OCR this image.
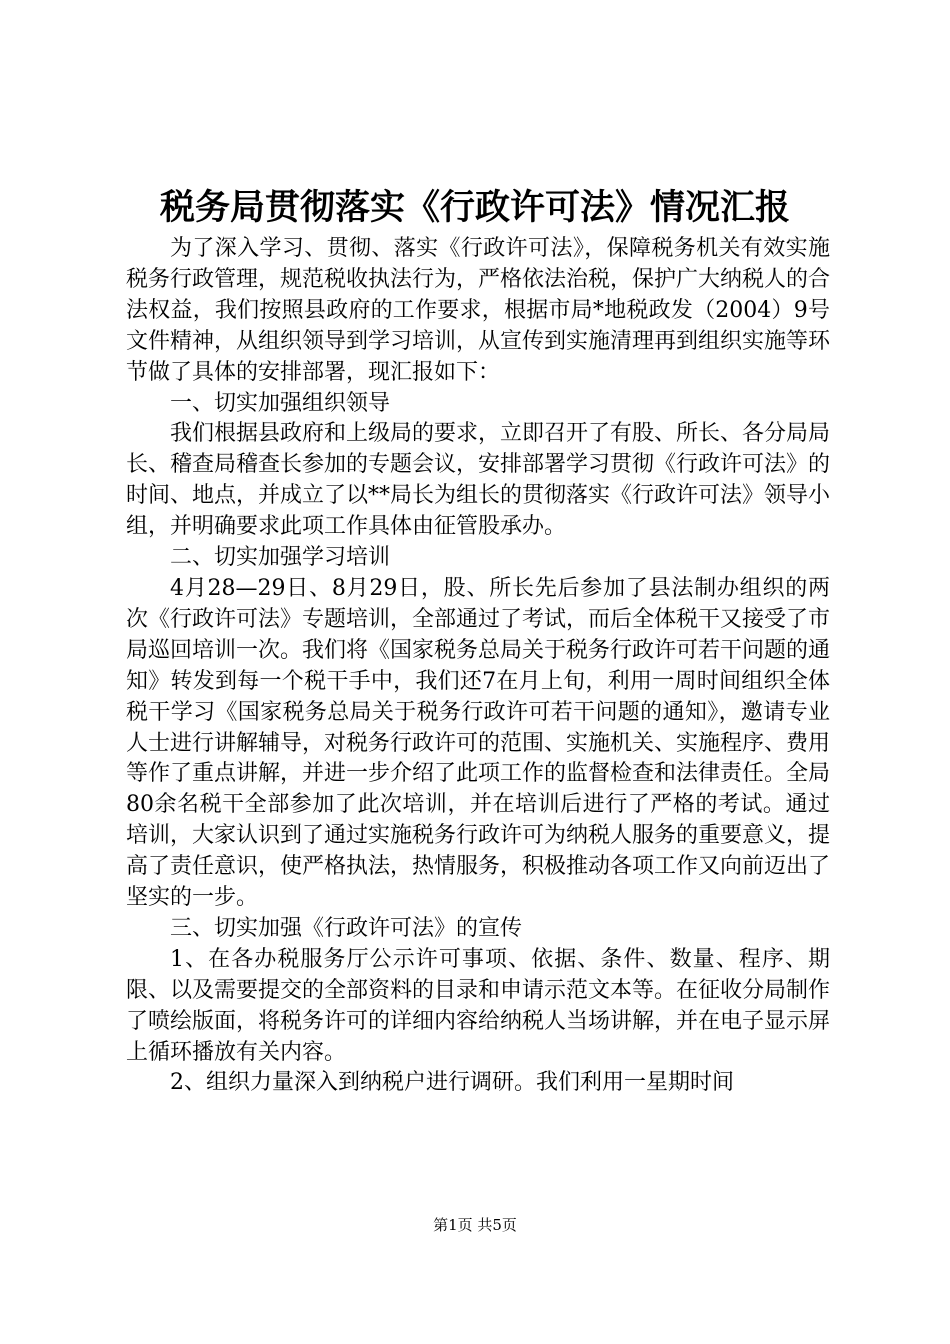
税务局贯彻落实《行政许可法》情况汇报

为了深入学习、贯彻、落实《行政许可法》，保障税务机关有效实施税务行政管理，规范税收执法行为，严格依法治税，保护广大纳税人的合法权益，我们按照县政府的工作要求，根据市局*地税政发（2004）9号文件精神，从组织领导到学习培训，从宣传到实施清理再到组织实施等环节做了具体的安排部署，现汇报如下：

一、切实加强组织领导

我们根据县政府和上级局的要求，立即召开了有股、所长、各分局局长、稽查局稽查长参加的专题会议，安排部署学习贯彻《行政许可法》的时间、地点，并成立了以**局长为组长的贯彻落实《行政许可法》领导小组，并明确要求此项工作具体由征管股承办。

二、切实加强学习培训

4月28—29日、8月29日，股、所长先后参加了县法制办组织的两次《行政许可法》专题培训，全部通过了考试，而后全体税干又接受了市局巡回培训一次。我们将《国家税务总局关于税务行政许可若干问题的通知》转发到每一个税干手中，我们还7在月上旬，利用一周时间组织全体税干学习《国家税务总局关于税务行政许可若干问题的通知》，邀请专业人士进行讲解辅导，对税务行政许可的范围、实施机关、实施程序、费用等作了重点讲解，并进一步介绍了此项工作的监督检查和法律责任。全局80余名税干全部参加了此次培训，并在培训后进行了严格的考试。通过培训，大家认识到了通过实施税务行政许可为纳税人服务的重要意义，提高了责任意识，使严格执法，热情服务，积极推动各项工作又向前迈出了坚实的一步。

三、切实加强《行政许可法》的宣传

1、在各办税服务厅公示许可事项、依据、条件、数量、程序、期限、以及需要提交的全部资料的目录和申请示范文本等。在征收分局制作了喷绘版面，将税务许可的详细内容给纳税人当场讲解，并在电子显示屏上循环播放有关内容。

2、组织力量深入到纳税户进行调研。我们利用一星期时间

第1页 共5页
